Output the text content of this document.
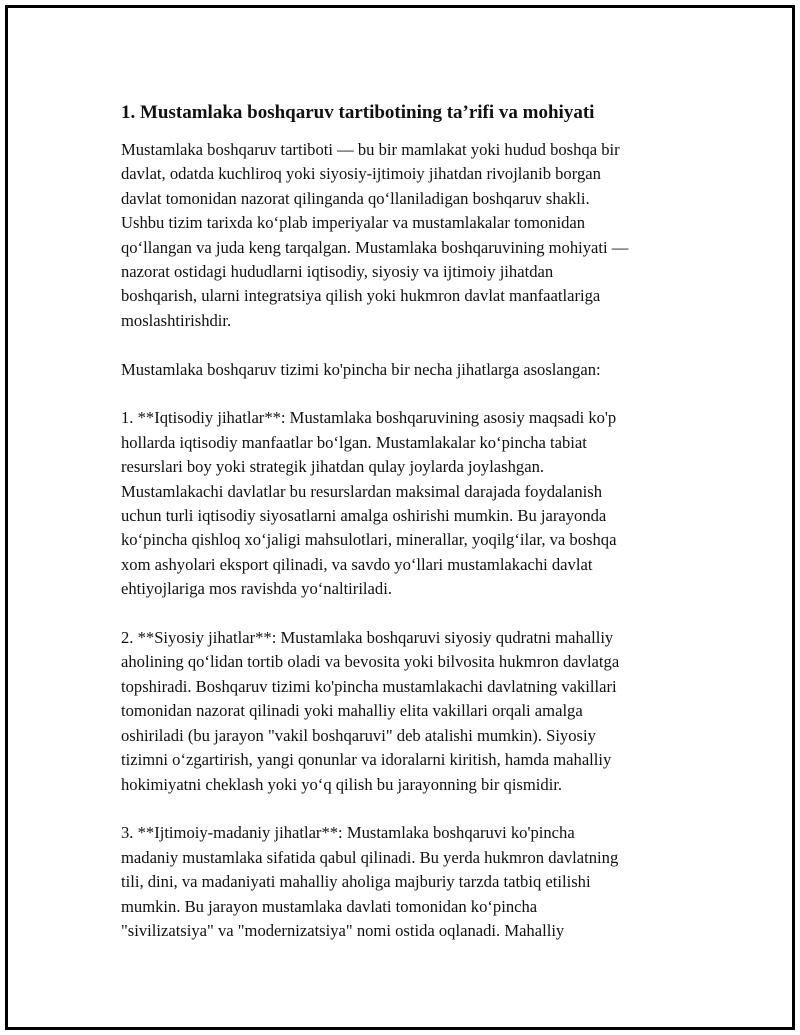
1. Mustamlaka boshqaruv tartibotining ta’rifi va mohiyati
Mustamlaka boshqaruv tartiboti — bu bir mamlakat yoki hudud boshqa bir
davlat, odatda kuchliroq yoki siyosiy-ijtimoiy jihatdan rivojlanib borgan
davlat tomonidan nazorat qilinganda qo‘llaniladigan boshqaruv shakli.
Ushbu tizim tarixda ko‘plab imperiyalar va mustamlakalar tomonidan
qo‘llangan va juda keng tarqalgan. Mustamlaka boshqaruvining mohiyati —
nazorat ostidagi hududlarni iqtisodiy, siyosiy va ijtimoiy jihatdan
boshqarish, ularni integratsiya qilish yoki hukmron davlat manfaatlariga
moslashtirishdir.
Mustamlaka boshqaruv tizimi ko'pincha bir necha jihatlarga asoslangan:
1. **Iqtisodiy jihatlar**: Mustamlaka boshqaruvining asosiy maqsadi ko'p
hollarda iqtisodiy manfaatlar bo‘lgan. Mustamlakalar ko‘pincha tabiat
resurslari boy yoki strategik jihatdan qulay joylarda joylashgan.
Mustamlakachi davlatlar bu resurslardan maksimal darajada foydalanish
uchun turli iqtisodiy siyosatlarni amalga oshirishi mumkin. Bu jarayonda
ko‘pincha qishloq xo‘jaligi mahsulotlari, minerallar, yoqilg‘ilar, va boshqa
xom ashyolari eksport qilinadi, va savdo yo‘llari mustamlakachi davlat
ehtiyojlariga mos ravishda yo‘naltiriladi.
2. **Siyosiy jihatlar**: Mustamlaka boshqaruvi siyosiy qudratni mahalliy
aholining qo‘lidan tortib oladi va bevosita yoki bilvosita hukmron davlatga
topshiradi. Boshqaruv tizimi ko'pincha mustamlakachi davlatning vakillari
tomonidan nazorat qilinadi yoki mahalliy elita vakillari orqali amalga
oshiriladi (bu jarayon "vakil boshqaruvi" deb atalishi mumkin). Siyosiy
tizimni o‘zgartirish, yangi qonunlar va idoralarni kiritish, hamda mahalliy
hokimiyatni cheklash yoki yo‘q qilish bu jarayonning bir qismidir.
3. **Ijtimoiy-madaniy jihatlar**: Mustamlaka boshqaruvi ko'pincha
madaniy mustamlaka sifatida qabul qilinadi. Bu yerda hukmron davlatning
tili, dini, va madaniyati mahalliy aholiga majburiy tarzda tatbiq etilishi
mumkin. Bu jarayon mustamlaka davlati tomonidan ko‘pincha
"sivilizatsiya" va "modernizatsiya" nomi ostida oqlanadi. Mahalliy
